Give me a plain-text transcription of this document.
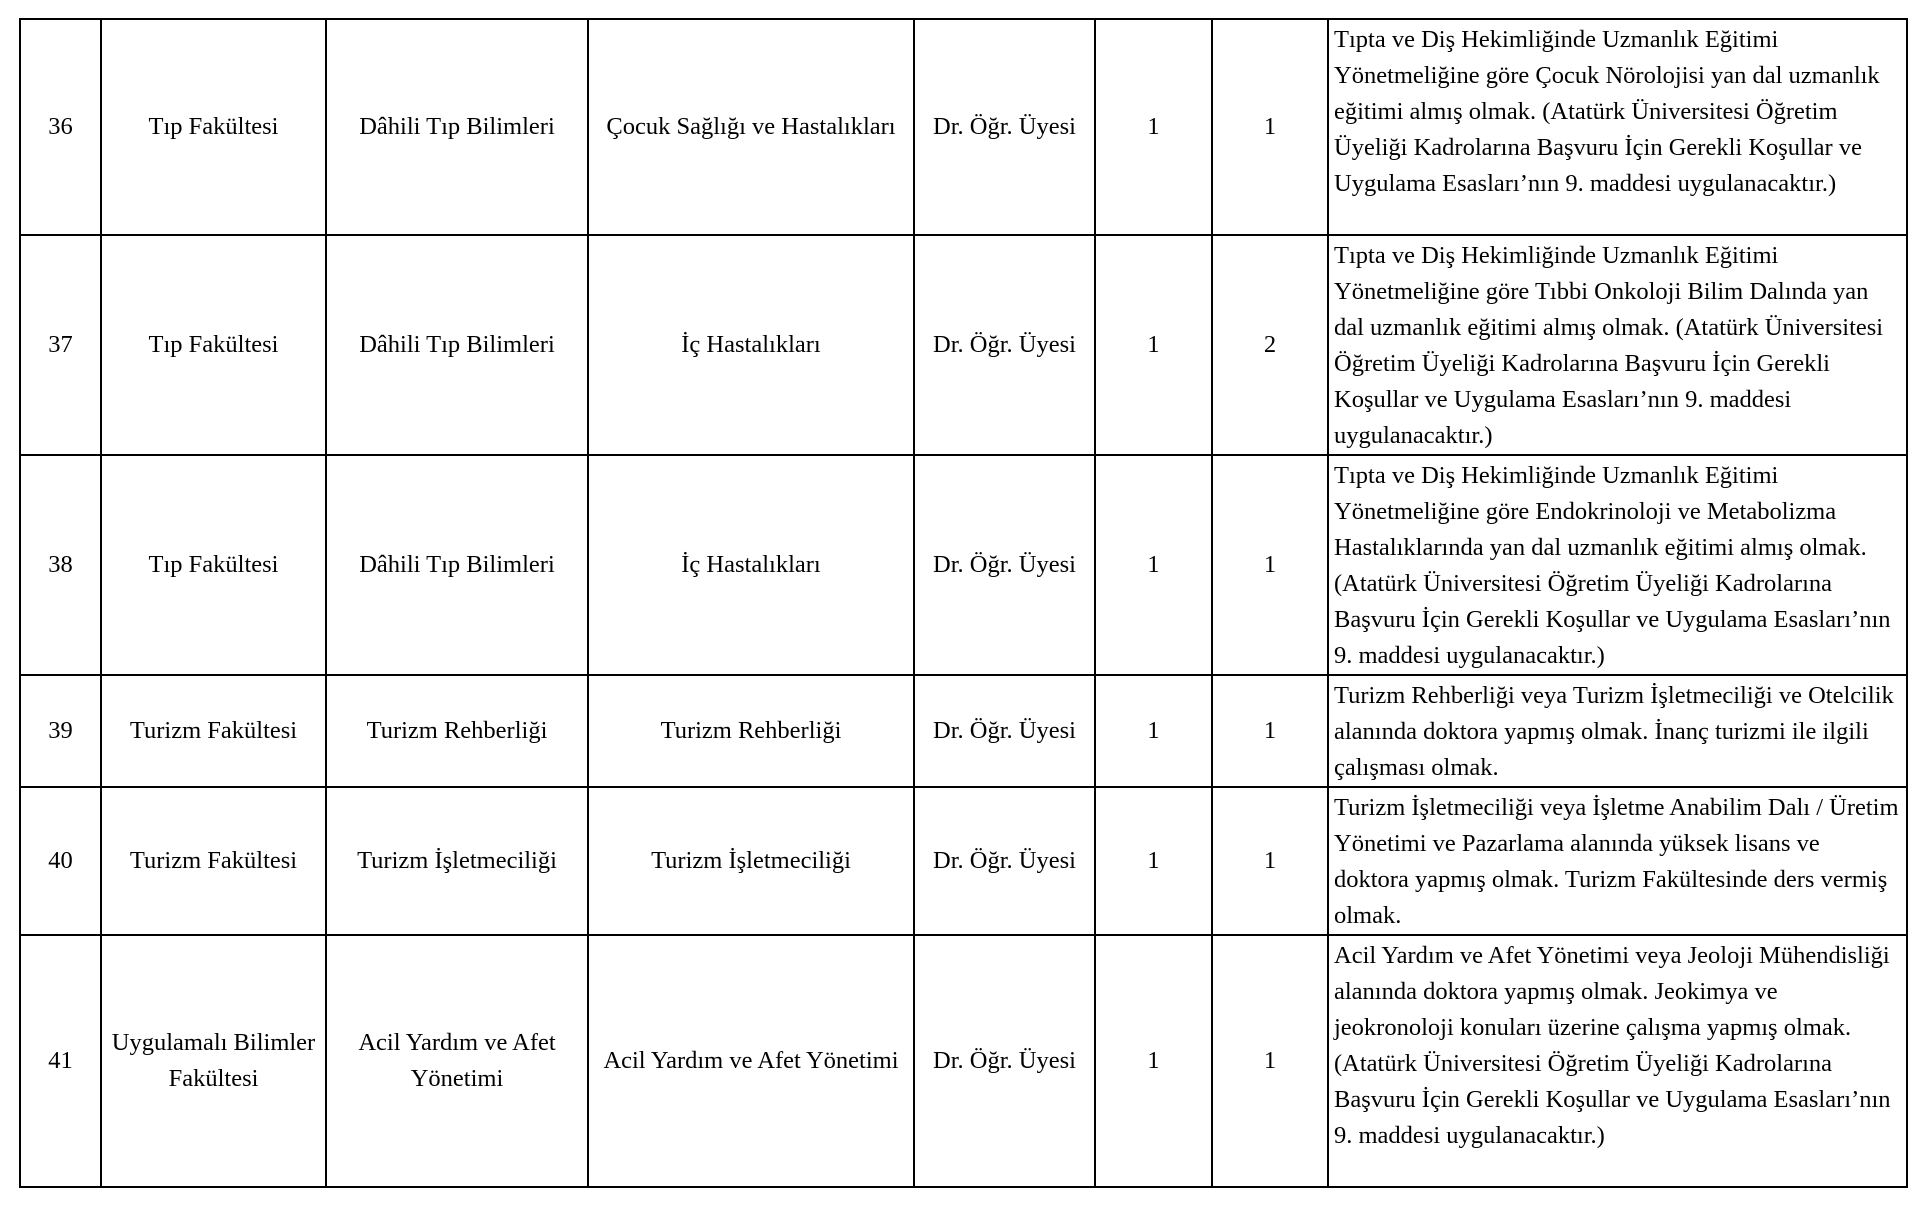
36	Tıp Fakültesi	Dâhili Tıp Bilimleri	Çocuk Sağlığı ve Hastalıkları	Dr. Öğr. Üyesi	1	1	Tıpta ve Diş Hekimliğinde Uzmanlık Eğitimi Yönetmeliğine göre Çocuk Nörolojisi yan dal uzmanlık eğitimi almış olmak. (Atatürk Üniversitesi Öğretim Üyeliği Kadrolarına Başvuru İçin Gerekli Koşullar ve Uygulama Esasları’nın 9. maddesi uygulanacaktır.)
37	Tıp Fakültesi	Dâhili Tıp Bilimleri	İç Hastalıkları	Dr. Öğr. Üyesi	1	2	Tıpta ve Diş Hekimliğinde Uzmanlık Eğitimi Yönetmeliğine göre Tıbbi Onkoloji Bilim Dalında yan dal uzmanlık eğitimi almış olmak. (Atatürk Üniversitesi Öğretim Üyeliği Kadrolarına Başvuru İçin Gerekli Koşullar ve Uygulama Esasları’nın 9. maddesi uygulanacaktır.)
38	Tıp Fakültesi	Dâhili Tıp Bilimleri	İç Hastalıkları	Dr. Öğr. Üyesi	1	1	Tıpta ve Diş Hekimliğinde Uzmanlık Eğitimi Yönetmeliğine göre Endokrinoloji ve Metabolizma Hastalıklarında yan dal uzmanlık eğitimi almış olmak. (Atatürk Üniversitesi Öğretim Üyeliği Kadrolarına Başvuru İçin Gerekli Koşullar ve Uygulama Esasları’nın 9. maddesi uygulanacaktır.)
39	Turizm Fakültesi	Turizm Rehberliği	Turizm Rehberliği	Dr. Öğr. Üyesi	1	1	Turizm Rehberliği veya Turizm İşletmeciliği ve Otelcilik alanında doktora yapmış olmak. İnanç turizmi ile ilgili çalışması olmak.
40	Turizm Fakültesi	Turizm İşletmeciliği	Turizm İşletmeciliği	Dr. Öğr. Üyesi	1	1	Turizm İşletmeciliği veya İşletme Anabilim Dalı / Üretim Yönetimi ve Pazarlama alanında yüksek lisans ve doktora yapmış olmak. Turizm Fakültesinde ders vermiş olmak.
41	Uygulamalı Bilimler Fakültesi	Acil Yardım ve Afet Yönetimi	Acil Yardım ve Afet Yönetimi	Dr. Öğr. Üyesi	1	1	Acil Yardım ve Afet Yönetimi veya Jeoloji Mühendisliği alanında doktora yapmış olmak. Jeokimya ve jeokronoloji konuları üzerine çalışma yapmış olmak. (Atatürk Üniversitesi Öğretim Üyeliği Kadrolarına Başvuru İçin Gerekli Koşullar ve Uygulama Esasları’nın 9. maddesi uygulanacaktır.)
